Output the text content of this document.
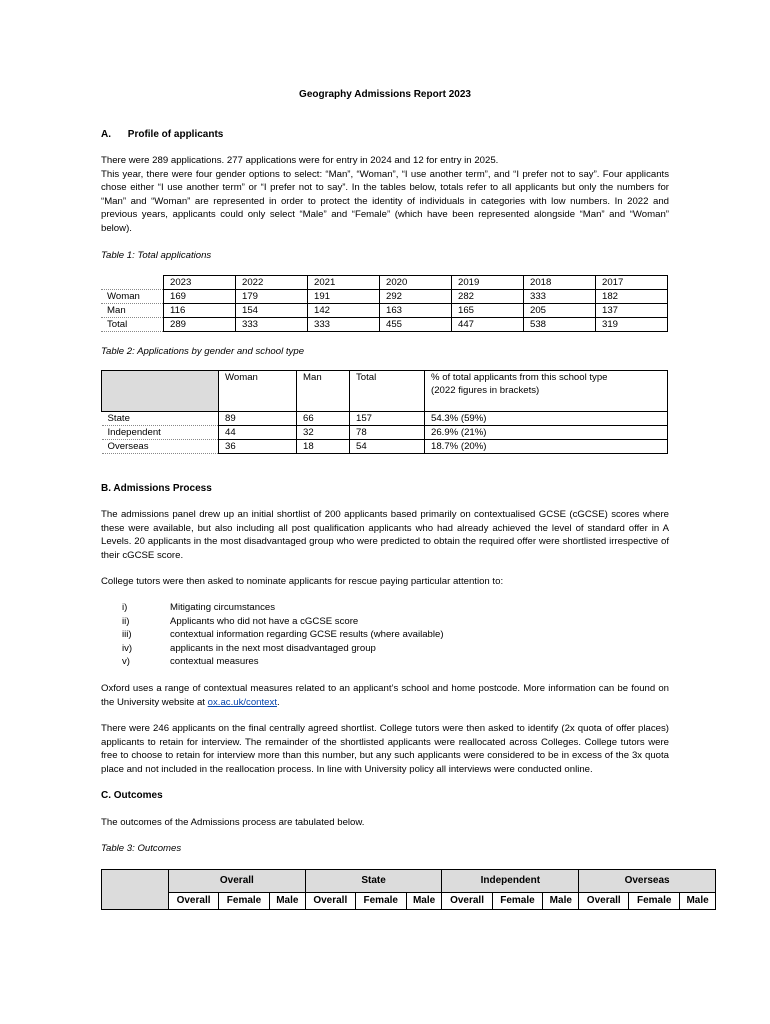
Geography Admissions Report 2023
A. Profile of applicants

There were 289 applications. 277 applications were for entry in 2024 and 12 for entry in 2025.

This year, there were four gender options to select: “Man”, “Woman”, “I use another term”, and “I prefer not to say”. Four applicants chose either “I use another term” or “I prefer not to say”. In the tables below, totals refer to all applicants but only the numbers for “Man” and “Woman” are represented in order to protect the identity of individuals in categories with low numbers. In 2022 and previous years, applicants could only select “Male” and “Female” (which have been represented alongside “Man” and “Woman” below).

Table 1: Total applications
	2023	2022	2021	2020	2019	2018	2017
Woman	169	179	191	292	282	333	182
Man	116	154	142	163	165	205	137
Total	289	333	333	455	447	538	319
Table 2: Applications by gender and school type
	Woman	Man	Total	% of total applicants from this school type
(2022 figures in brackets)

State	89	66	157	54.3% (59%)
Independent	44	32	78	26.9% (21%)
Overseas	36	18	54	18.7% (20%)
B. Admissions Process
The admissions panel drew up an initial shortlist of 200 applicants based primarily on contextualised GCSE (cGCSE) scores where these were available, but also including all post qualification applicants who had already achieved the level of standard offer in A Levels. 20 applicants in the most disadvantaged group who were predicted to obtain the required offer were shortlisted irrespective of their cGCSE score.
College tutors were then asked to nominate applicants for rescue paying particular attention to:
i)	Mitigating circumstances
ii)	Applicants who did not have a cGCSE score
iii)	contextual information regarding GCSE results (where available)
iv)	applicants in the next most disadvantaged group
v)	contextual measures
Oxford uses a range of contextual measures related to an applicant’s school and home postcode. More information can be found on the University website at ox.ac.uk/context.
There were 246 applicants on the final centrally agreed shortlist. College tutors were then asked to identify (2x quota of offer places) applicants to retain for interview. The remainder of the shortlisted applicants were reallocated across Colleges. College tutors were free to choose to retain for interview more than this number, but any such applicants were considered to be in excess of the 3x quota place and not included in the reallocation process. In line with University policy all interviews were conducted online.
C. Outcomes
The outcomes of the Admissions process are tabulated below.
Table 3: Outcomes
	Overall			State			Independent			Overseas		
	Overall	Female	Male	Overall	Female	Male	Overall	Female	Male	Overall	Female	Male
